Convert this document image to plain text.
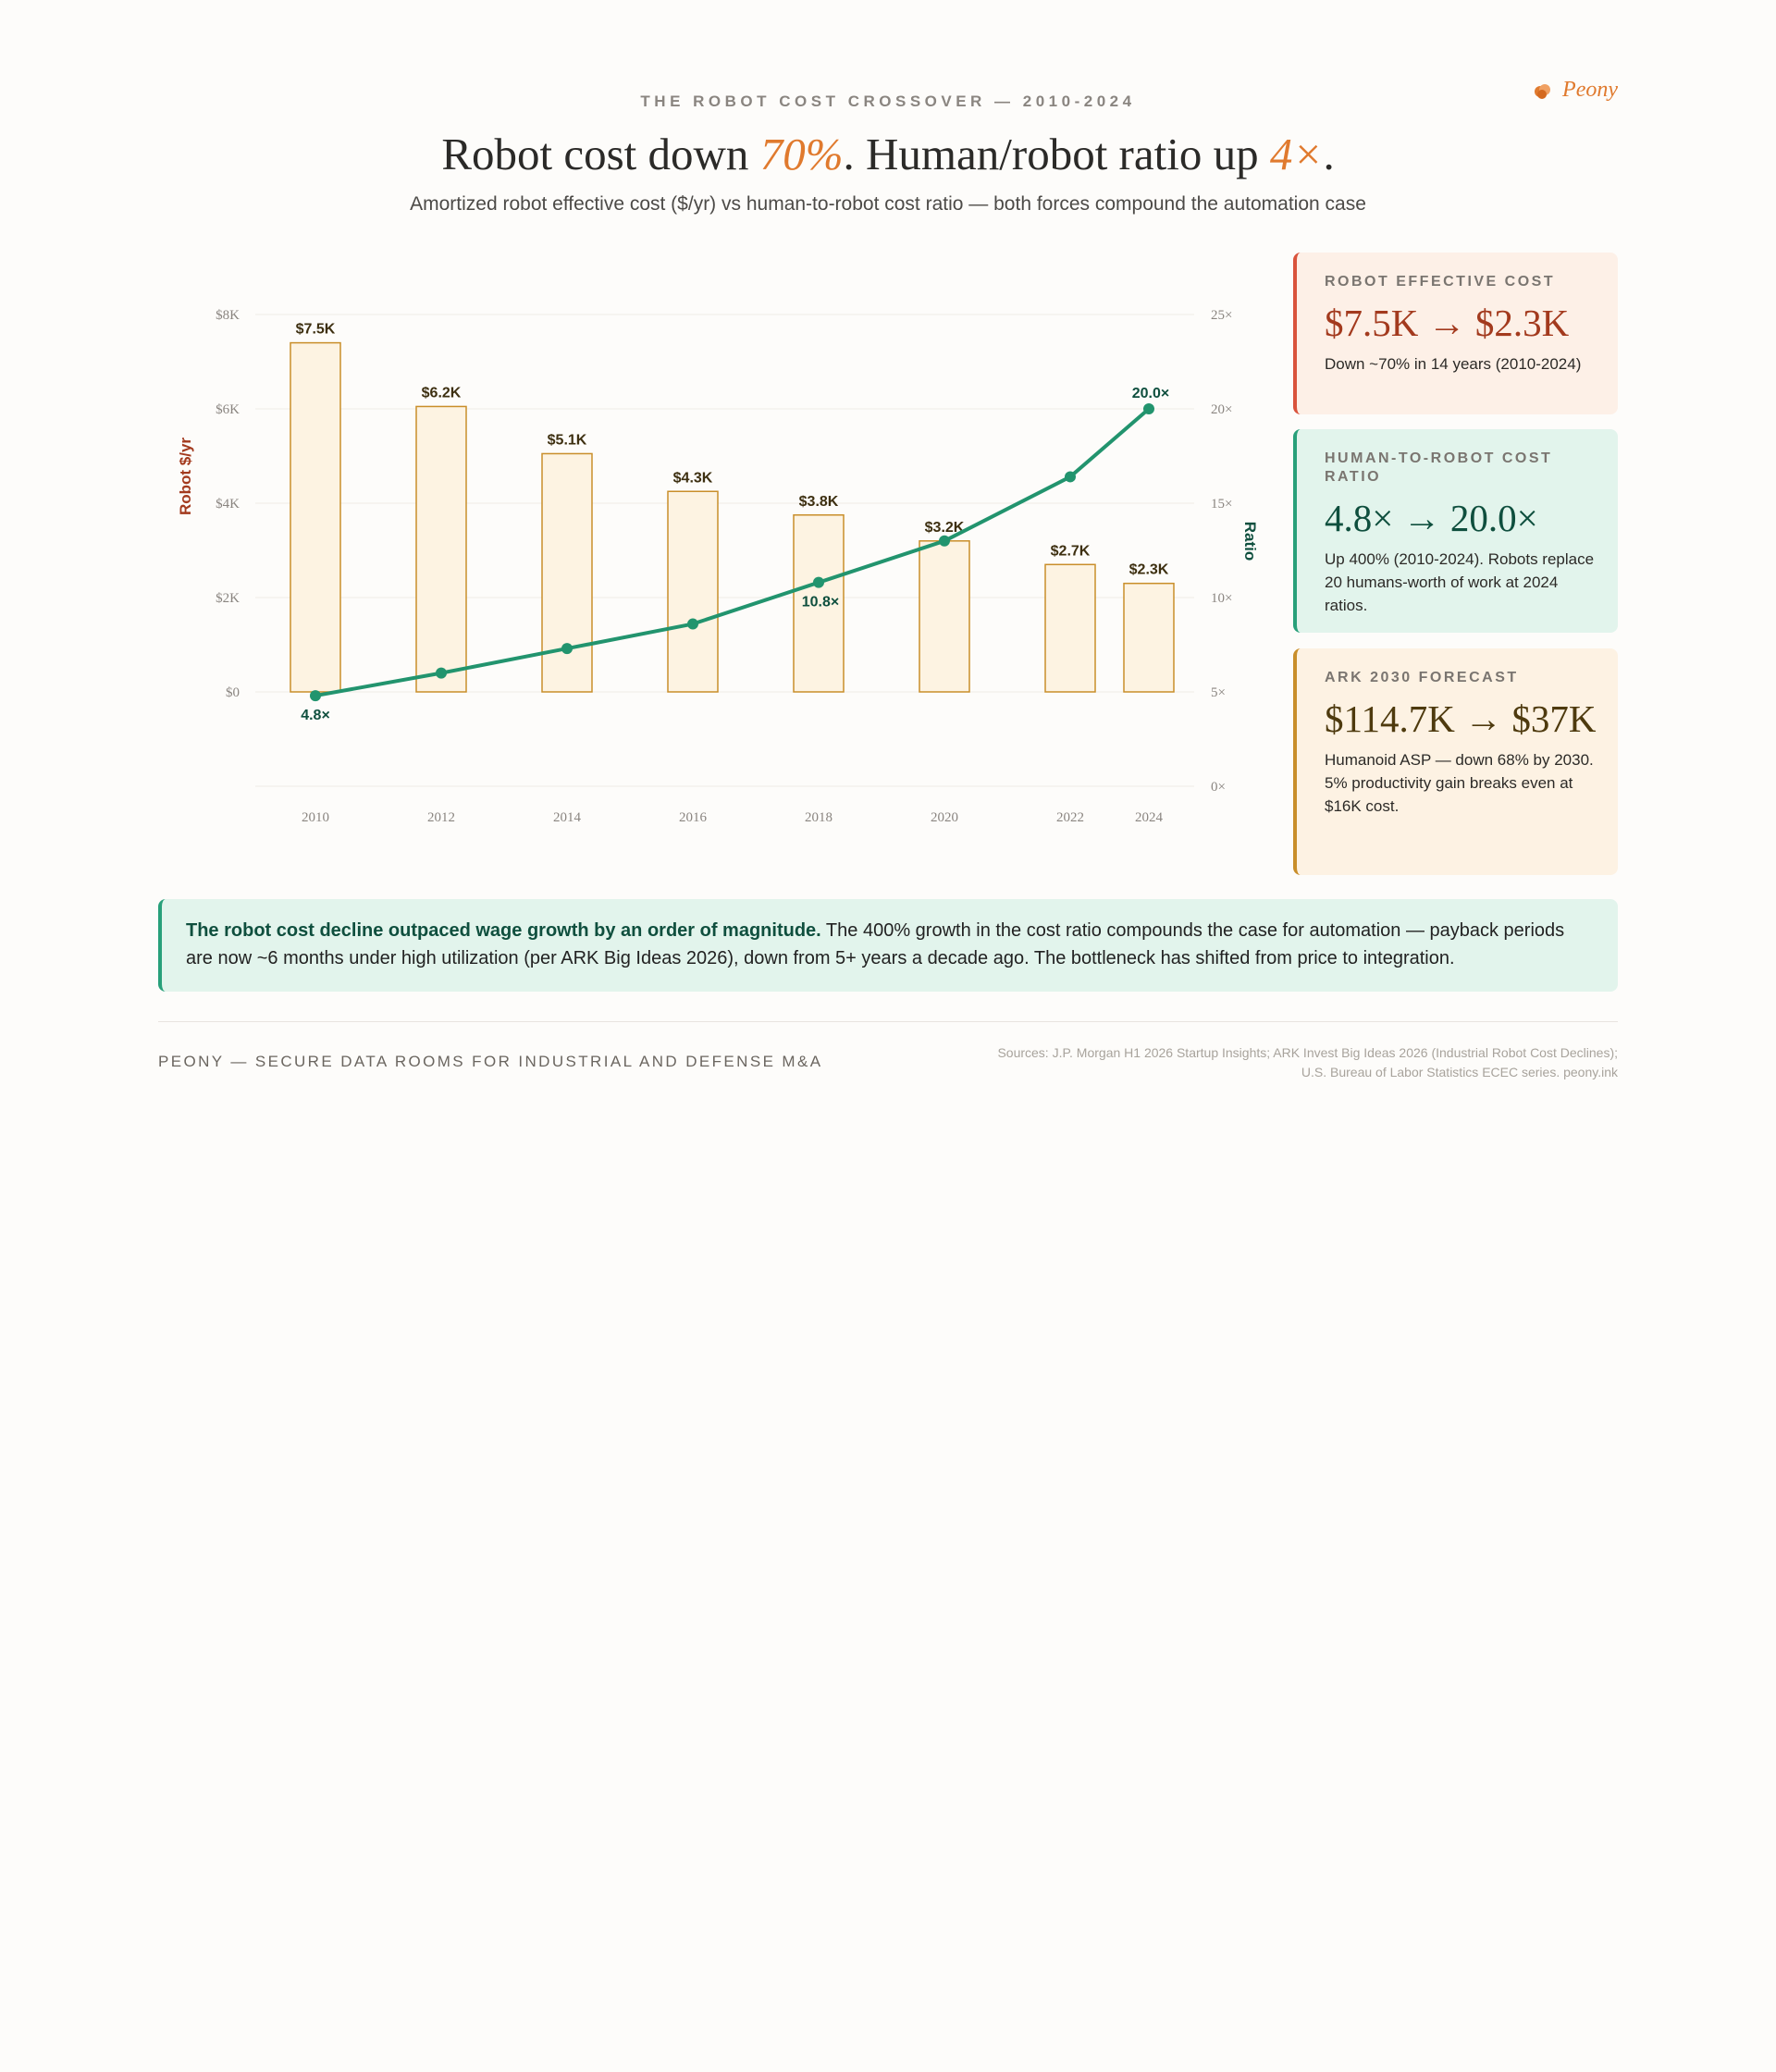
Peony
THE ROBOT COST CROSSOVER — 2010-2024
Robot cost down 70%. Human/robot ratio up 4×.
Amortized robot effective cost ($/yr) vs human-to-robot cost ratio — both forces compound the automation case
$0
$2K
$4K
$6K
$8K
0×
5×
10×
15×
20×
25×
Robot $/yr
Ratio
$7.5K
$6.2K
$5.1K
$4.3K
$3.8K
$3.2K
$2.7K
$2.3K
4.8×
10.8×
20.0×
2010	2012	2014	2016	2018	2020	2022	2024
ROBOT EFFECTIVE COST
$7.5K → $2.3K
Down ~70% in 14 years (2010-2024)
HUMAN-TO-ROBOT COST RATIO
4.8× → 20.0×
Up 400% (2010-2024). Robots replace 20 humans-worth of work at 2024 ratios.
ARK 2030 FORECAST
$114.7K → $37K
Humanoid ASP — down 68% by 2030. 5% productivity gain breaks even at $16K cost.
The robot cost decline outpaced wage growth by an order of magnitude. The 400% growth in the cost ratio compounds the case for automation — payback periods are now ~6 months under high utilization (per ARK Big Ideas 2026), down from 5+ years a decade ago. The bottleneck has shifted from price to integration.
PEONY — SECURE DATA ROOMS FOR INDUSTRIAL AND DEFENSE M&A	Sources: J.P. Morgan H1 2026 Startup Insights; ARK Invest Big Ideas 2026 (Industrial Robot Cost Declines);
U.S. Bureau of Labor Statistics ECEC series. peony.ink
